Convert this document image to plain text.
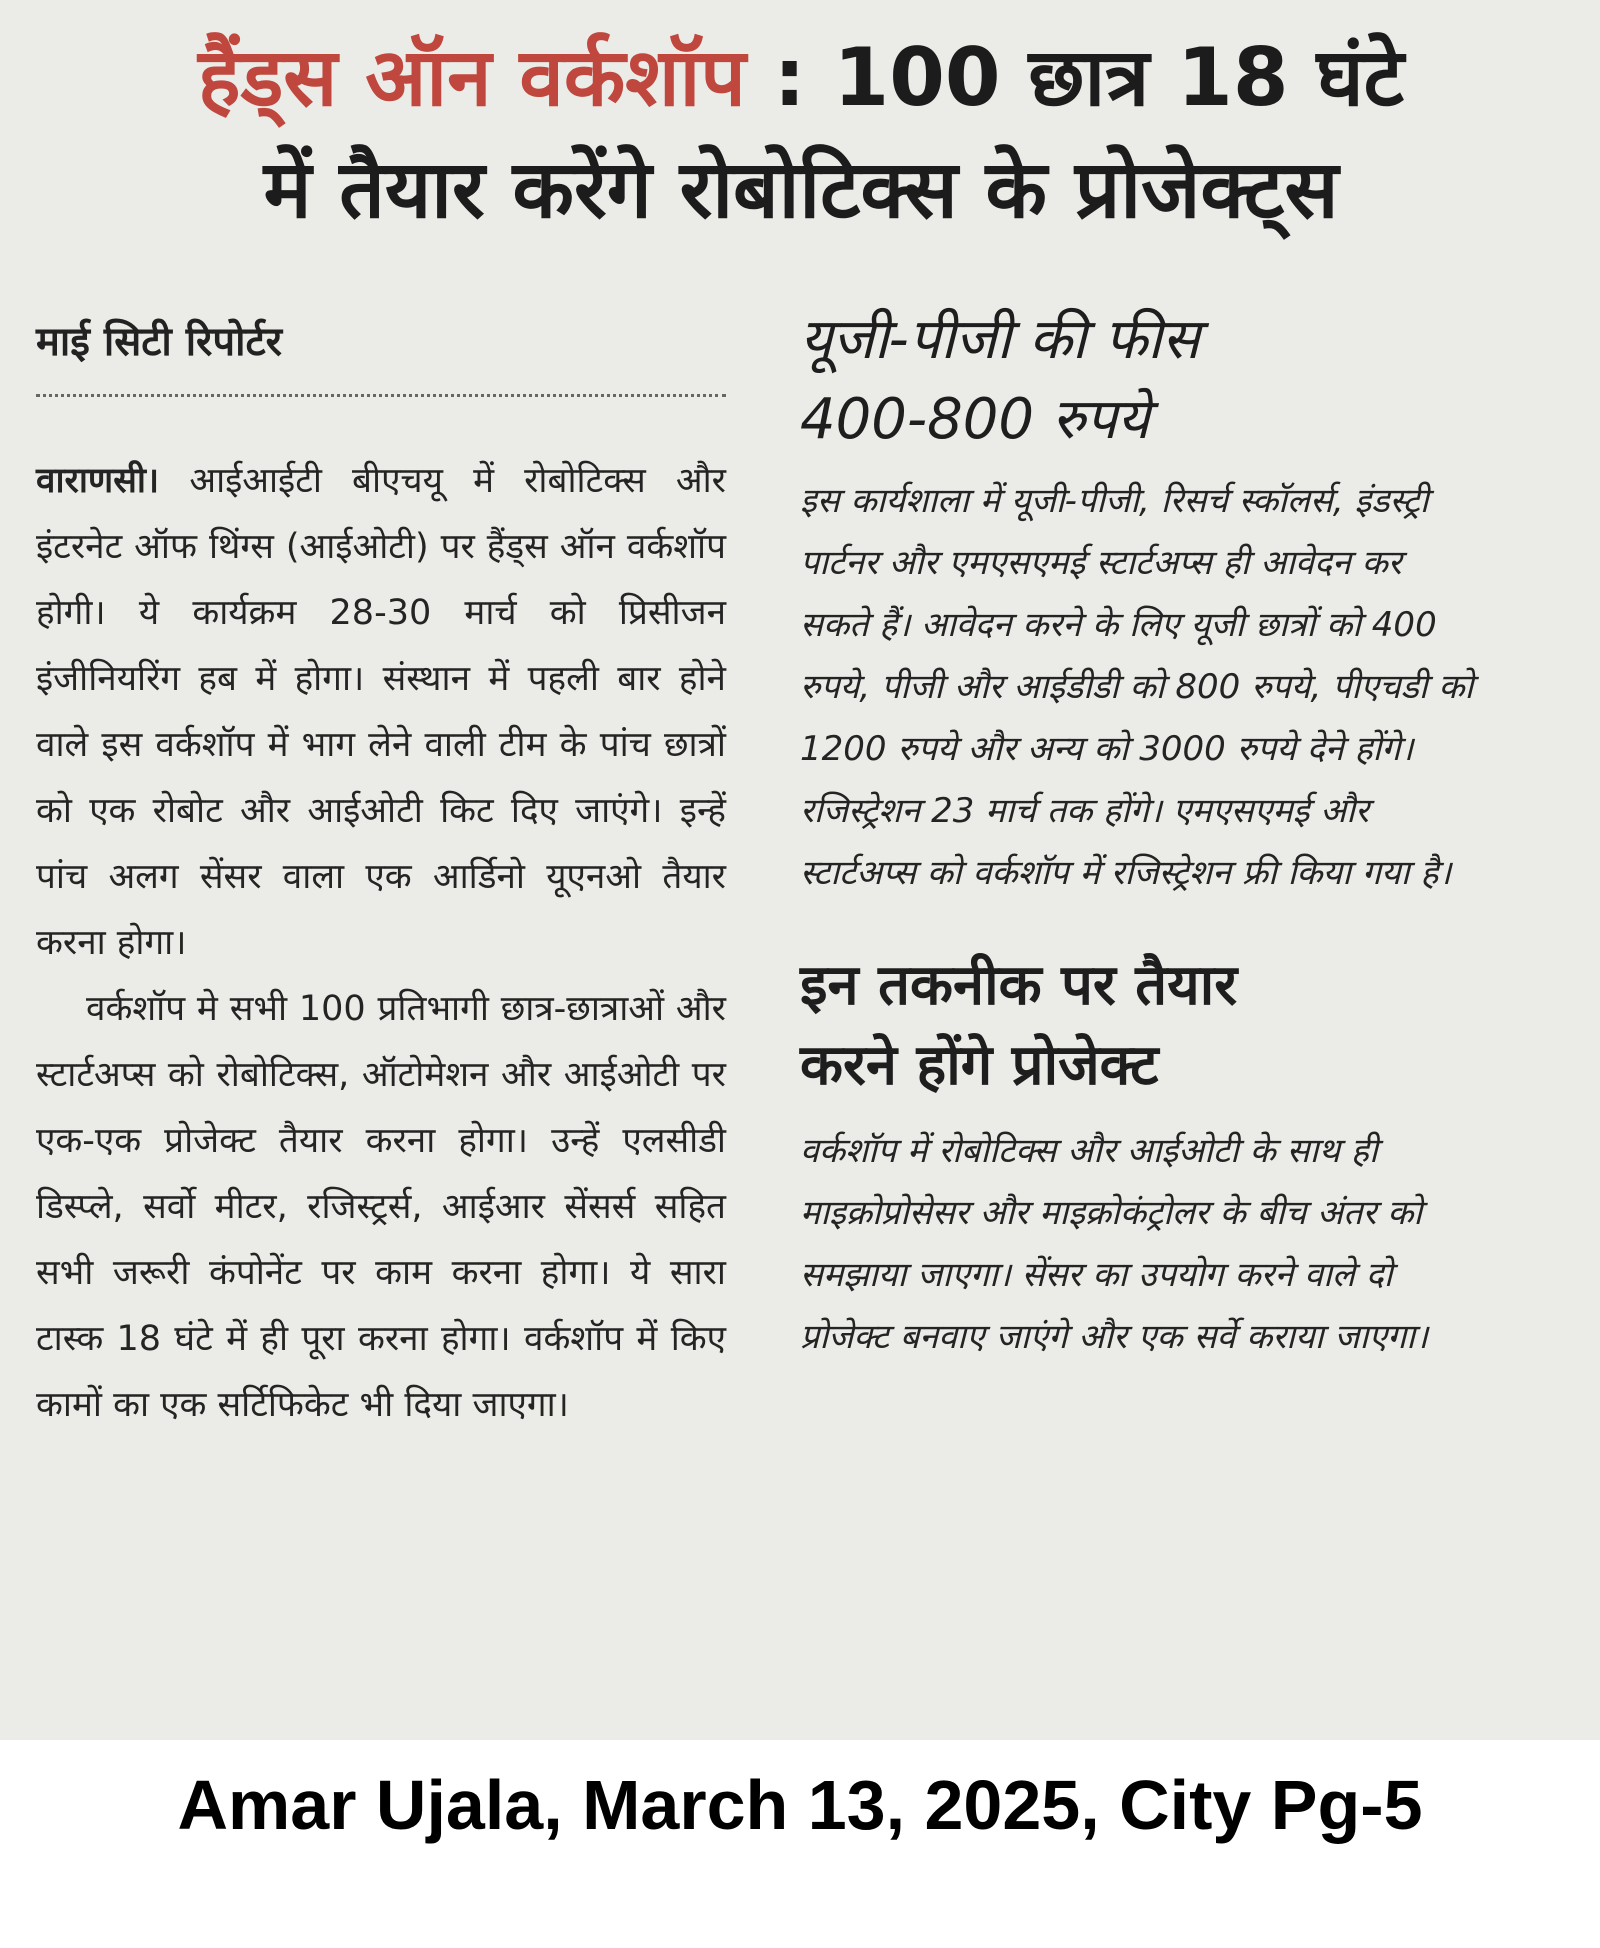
हैंड्स ऑन वर्कशॉप : 100 छात्र 18 घंटे
में तैयार करेंगे रोबोटिक्स के प्रोजेक्ट्स
माई सिटी रिपोर्टर

वाराणसी। आईआईटी बीएचयू में रोबोटिक्स और इंटरनेट ऑफ थिंग्स (आईओटी) पर हैंड्स ऑन वर्कशॉप होगी। ये कार्यक्रम 28-30 मार्च को प्रिसीजन इंजीनियरिंग हब में होगा। संस्थान में पहली बार होने वाले इस वर्कशॉप में भाग लेने वाली टीम के पांच छात्रों को एक रोबोट और आईओटी किट दिए जाएंगे। इन्हें पांच अलग सेंसर वाला एक आर्डिनो यूएनओ तैयार करना होगा।

वर्कशॉप मे सभी 100 प्रतिभागी छात्र-छात्राओं और स्टार्टअप्स को रोबोटिक्स, ऑटोमेशन और आईओटी पर एक-एक प्रोजेक्ट तैयार करना होगा। उन्हें एलसीडी डिस्प्ले, सर्वो मीटर, रजिस्ट्रर्स, आईआर सेंसर्स सहित सभी जरूरी कंपोनेंट पर काम करना होगा। ये सारा टास्क 18 घंटे में ही पूरा करना होगा। वर्कशॉप में किए कामों का एक सर्टिफिकेट भी दिया जाएगा।

यूजी-पीजी की फीस
400-800 रुपये

इस कार्यशाला में यूजी-पीजी, रिसर्च स्कॉलर्स, इंडस्ट्री पार्टनर और एमएसएमई स्टार्टअप्स ही आवेदन कर सकते हैं। आवेदन करने के लिए यूजी छात्रों को 400 रुपये, पीजी और आईडीडी को 800 रुपये, पीएचडी को 1200 रुपये और अन्य को 3000 रुपये देने होंगे। रजिस्ट्रेशन 23 मार्च तक होंगे। एमएसएमई और स्टार्टअप्स को वर्कशॉप में रजिस्ट्रेशन फ्री किया गया है।

इन तकनीक पर तैयार
करने होंगे प्रोजेक्ट

वर्कशॉप में रोबोटिक्स और आईओटी के साथ ही माइक्रोप्रोसेसर और माइक्रोकंट्रोलर के बीच अंतर को समझाया जाएगा। सेंसर का उपयोग करने वाले दो प्रोजेक्ट बनवाए जाएंगे और एक सर्वे कराया जाएगा।

Amar Ujala, March 13, 2025, City Pg-5
